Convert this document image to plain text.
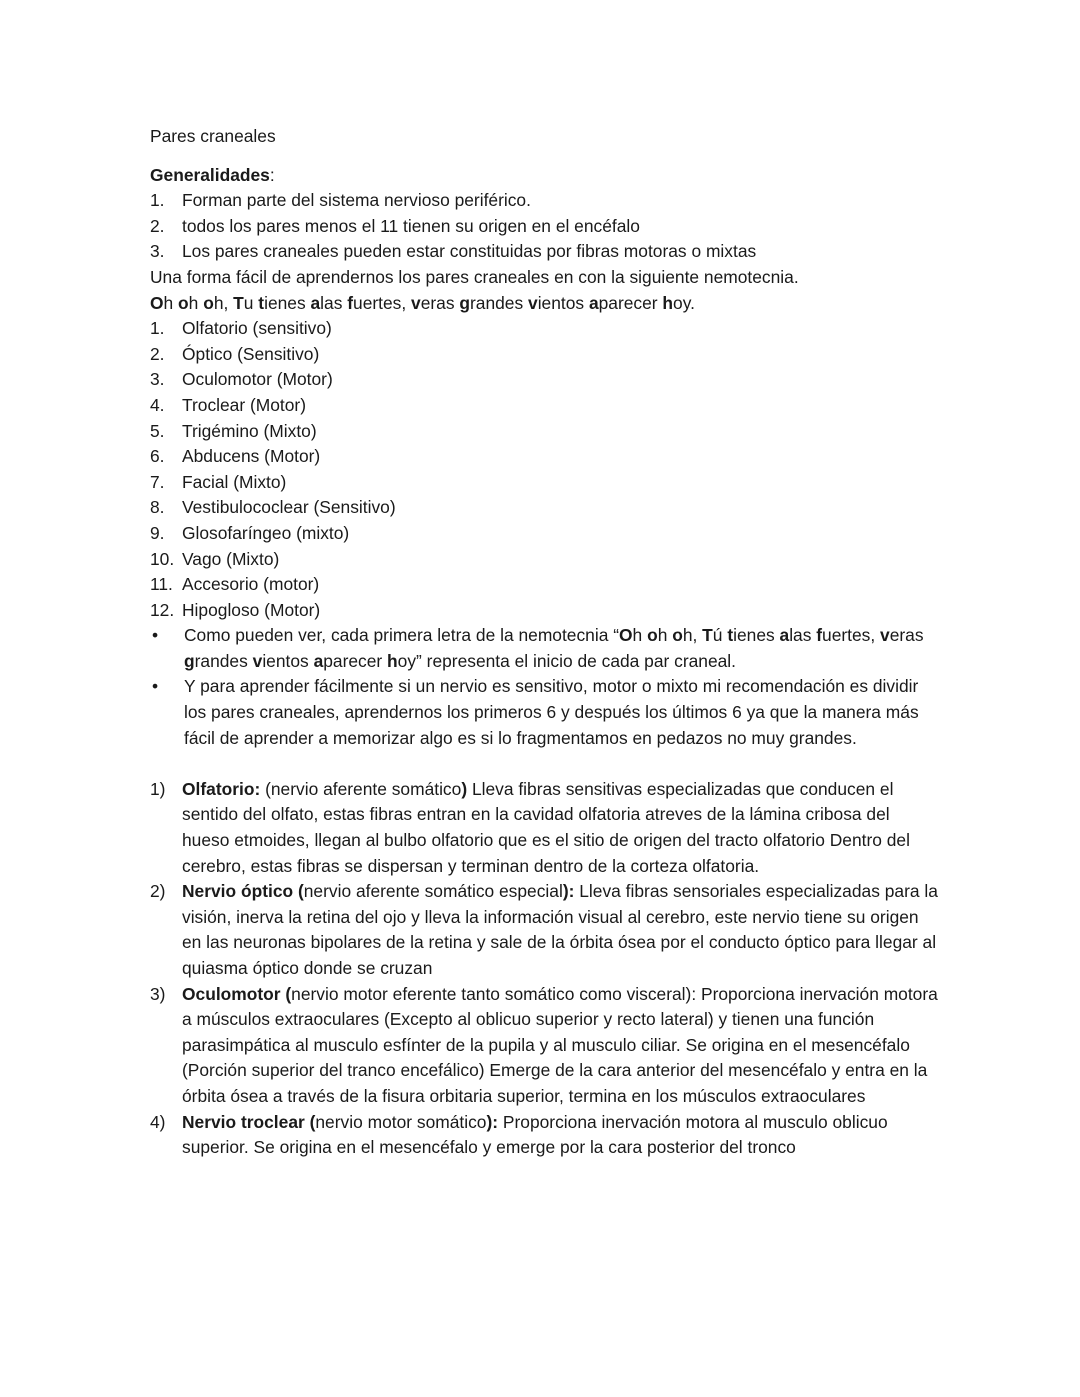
Pares craneales
Generalidades:
1.	Forman parte del sistema nervioso periférico.
2.	todos los pares menos el 11 tienen su origen en el encéfalo
3.	Los pares craneales pueden estar constituidas por fibras motoras o mixtas
Una forma fácil de aprendernos los pares craneales en con la siguiente nemotecnia.
Oh oh oh, Tu tienes alas fuertes, veras grandes vientos aparecer hoy.
1.	Olfatorio (sensitivo)
2.	Óptico (Sensitivo)
3.	Oculomotor (Motor)
4.	Troclear (Motor)
5.	Trigémino (Mixto)
6.	Abducens (Motor)
7.	Facial (Mixto)
8.	Vestibulococlear (Sensitivo)
9.	Glosofaríngeo (mixto)
10. Vago (Mixto)
11. Accesorio (motor)
12. Hipogloso (Motor)
•	Como pueden ver, cada primera letra de la nemotecnia “Oh oh oh, Tú tienes alas fuertes, veras grandes vientos aparecer hoy” representa el inicio de cada par craneal.
•	Y para aprender fácilmente si un nervio es sensitivo, motor o mixto mi recomendación es dividir los pares craneales, aprendernos los primeros 6 y después los últimos 6 ya que la manera más fácil de aprender a memorizar algo es si lo fragmentamos en pedazos no muy grandes.
1) Olfatorio: (nervio aferente somático) Lleva fibras sensitivas especializadas que conducen el sentido del olfato, estas fibras entran en la cavidad olfatoria atreves de la lámina cribosa del hueso etmoides, llegan al bulbo olfatorio que es el sitio de origen del tracto olfatorio Dentro del cerebro, estas fibras se dispersan y terminan dentro de la corteza olfatoria.
2) Nervio óptico (nervio aferente somático especial): Lleva fibras sensoriales especializadas para la visión, inerva la retina del ojo y lleva la información visual al cerebro, este nervio tiene su origen en las neuronas bipolares de la retina y sale de la órbita ósea por el conducto óptico para llegar al quiasma óptico donde se cruzan
3) Oculomotor (nervio motor eferente tanto somático como visceral): Proporciona inervación motora a músculos extraoculares (Excepto al oblicuo superior y recto lateral) y tienen una función parasimpática al musculo esfínter de la pupila y al musculo ciliar. Se origina en el mesencéfalo (Porción superior del tranco encefálico) Emerge de la cara anterior del mesencéfalo y entra en la órbita ósea a través de la fisura orbitaria superior, termina en los músculos extraoculares
4) Nervio troclear (nervio motor somático): Proporciona inervación motora al musculo oblicuo superior. Se origina en el mesencéfalo y emerge por la cara posterior del tronco
